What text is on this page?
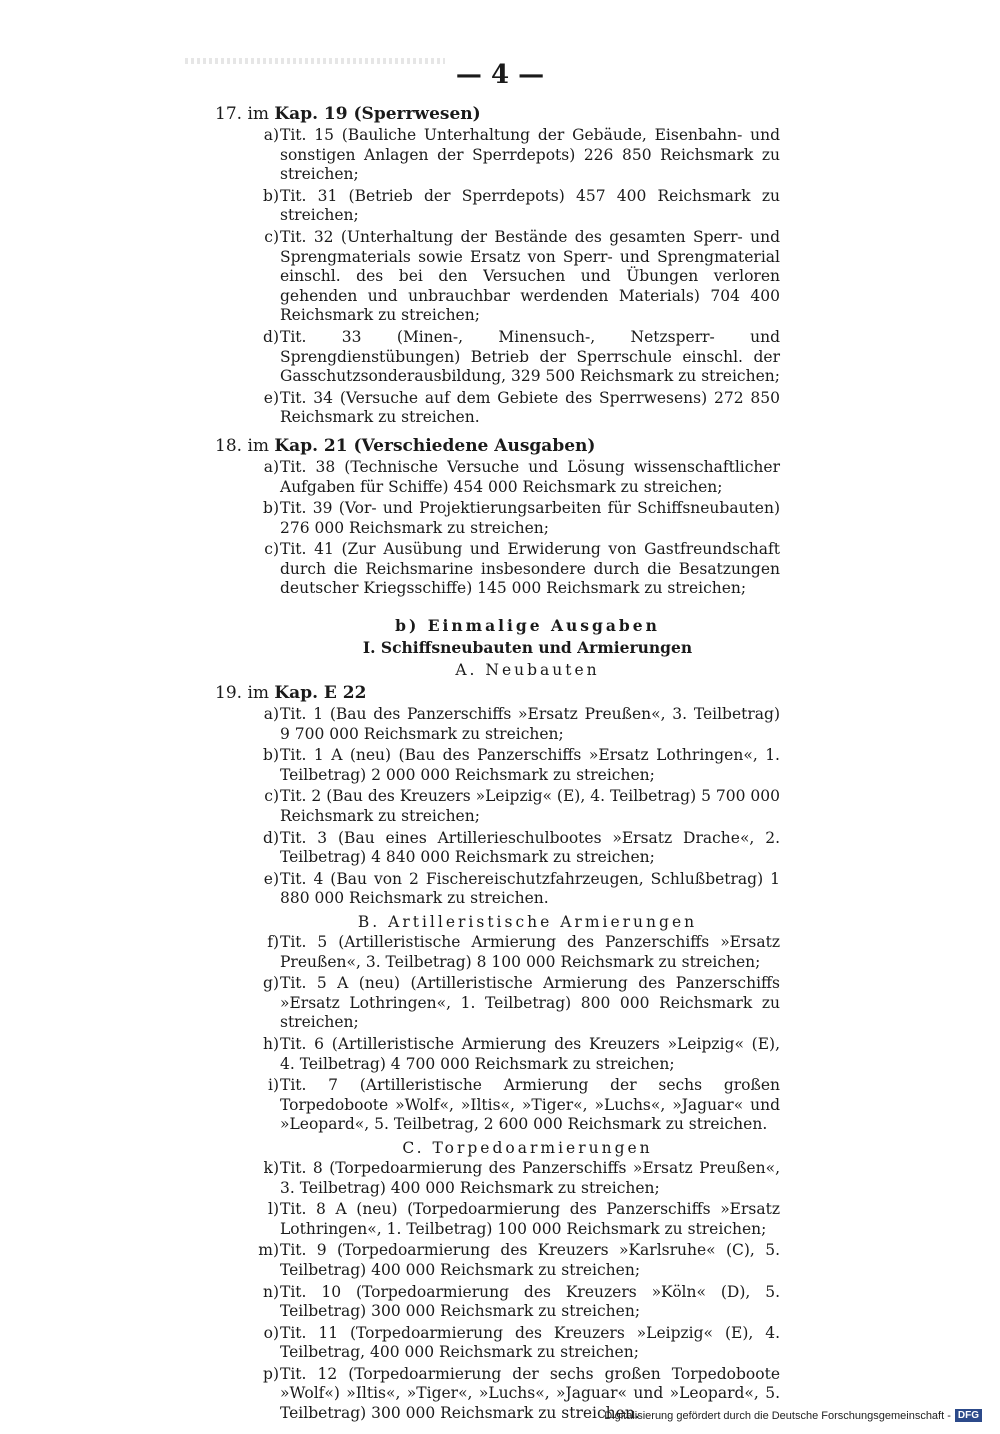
— 4 —
17. im Kap. 19 (Sperrwesen)
a) Tit. 15 (Bauliche Unterhaltung der Gebäude, Eisenbahn- und sonstigen Anlagen der Sperrdepots) 226 850 Reichsmark zu streichen;
b) Tit. 31 (Betrieb der Sperrdepots) 457 400 Reichsmark zu streichen;
c) Tit. 32 (Unterhaltung der Bestände des gesamten Sperr- und Sprengmaterials sowie Ersatz von Sperr- und Sprengmaterial einschl. des bei den Versuchen und Übungen verloren gehenden und unbrauchbar werdenden Materials) 704 400 Reichsmark zu streichen;
d) Tit. 33 (Minen-, Minensuch-, Netzsperr- und Sprengdienstübungen) Betrieb der Sperrschule einschl. der Gasschutzsonderausbildung, 329 500 Reichsmark zu streichen;
e) Tit. 34 (Versuche auf dem Gebiete des Sperrwesens) 272 850 Reichsmark zu streichen.
18. im Kap. 21 (Verschiedene Ausgaben)
a) Tit. 38 (Technische Versuche und Lösung wissenschaftlicher Aufgaben für Schiffe) 454 000 Reichsmark zu streichen;
b) Tit. 39 (Vor- und Projektierungsarbeiten für Schiffsneubauten) 276 000 Reichsmark zu streichen;
c) Tit. 41 (Zur Ausübung und Erwiderung von Gastfreundschaft durch die Reichsmarine insbesondere durch die Besatzungen deutscher Kriegsschiffe) 145 000 Reichsmark zu streichen;
b) Einmalige Ausgaben
I. Schiffsneubauten und Armierungen
A. Neubauten
19. im Kap. E 22
a) Tit. 1 (Bau des Panzerschiffs »Ersatz Preußen«, 3. Teilbetrag) 9 700 000 Reichsmark zu streichen;
b) Tit. 1 A (neu) (Bau des Panzerschiffs »Ersatz Lothringen«, 1. Teilbetrag) 2 000 000 Reichsmark zu streichen;
c) Tit. 2 (Bau des Kreuzers »Leipzig« (E), 4. Teilbetrag) 5 700 000 Reichsmark zu streichen;
d) Tit. 3 (Bau eines Artillerieschulbootes »Ersatz Drache«, 2. Teilbetrag) 4 840 000 Reichsmark zu streichen;
e) Tit. 4 (Bau von 2 Fischereischutzfahrzeugen, Schlußbetrag) 1 880 000 Reichsmark zu streichen.
B. Artilleristische Armierungen
f) Tit. 5 (Artilleristische Armierung des Panzerschiffs »Ersatz Preußen«, 3. Teilbetrag) 8 100 000 Reichsmark zu streichen;
g) Tit. 5 A (neu) (Artilleristische Armierung des Panzerschiffs »Ersatz Lothringen«, 1. Teilbetrag) 800 000 Reichsmark zu streichen;
h) Tit. 6 (Artilleristische Armierung des Kreuzers »Leipzig« (E), 4. Teilbetrag) 4 700 000 Reichsmark zu streichen;
i) Tit. 7 (Artilleristische Armierung der sechs großen Torpedoboote »Wolf«, »Iltis«, »Tiger«, »Luchs«, »Jaguar« und »Leopard«, 5. Teilbetrag, 2 600 000 Reichsmark zu streichen.
C. Torpedoarmierungen
k) Tit. 8 (Torpedoarmierung des Panzerschiffs »Ersatz Preußen«, 3. Teilbetrag) 400 000 Reichsmark zu streichen;
l) Tit. 8 A (neu) (Torpedoarmierung des Panzerschiffs »Ersatz Lothringen«, 1. Teilbetrag) 100 000 Reichsmark zu streichen;
m) Tit. 9 (Torpedoarmierung des Kreuzers »Karlsruhe« (C), 5. Teilbetrag) 400 000 Reichsmark zu streichen;
n) Tit. 10 (Torpedoarmierung des Kreuzers »Köln« (D), 5. Teilbetrag) 300 000 Reichsmark zu streichen;
o) Tit. 11 (Torpedoarmierung des Kreuzers »Leipzig« (E), 4. Teilbetrag, 400 000 Reichsmark zu streichen;
p) Tit. 12 (Torpedoarmierung der sechs großen Torpedoboote »Wolf«) »Iltis«, »Tiger«, »Luchs«, »Jaguar« und »Leopard«, 5. Teilbetrag) 300 000 Reichsmark zu streichen.
Digitalisierung gefördert durch die Deutsche Forschungsgemeinschaft - DFG
